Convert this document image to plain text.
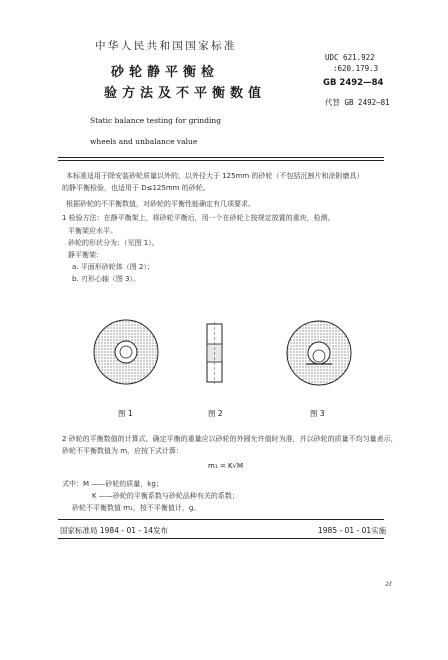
中华人民共和国国家标准
砂轮静平衡检
验方法及不平衡数值
Static balance testing for grinding
wheels and unbalance value
UDC 621.922
:620.179.3
GB 2492—84
代替 GB 2492—81
本标准适用于除安装砂轮质量以外的，以外径大于 125mm 的砂轮（不包括沉割片和涂附磨具）
的静平衡检验，也适用于 D≤125mm 的砂轮。
根据砂轮的不平衡数值，对砂轮的平衡性能确定有几项要求。
1 检验方法：在静平衡架上，将砂轮平衡后，用一个在砂轮上按规定放置的重块，检测。
平衡架应水平。
砂轮的形状分为：（见图 1）。
静平衡架：
a. 平面形砂轮体（图 2）；
b. 刃形心轴（图 3）。
图 1	图 2	图 3
2 砂轮的平衡数值的计算式，确定平衡的重量应以砂轮的外圆允许值时为准，并以砂轮的质量不均匀量表示，
砂轮不平衡数值为 m，应按下式计算：
m₁ = K√M
式中：M ——砂轮的质量，kg；
K ——砂轮的平衡系数与砂轮品种有关的系数；
砂轮不平衡数值 m₁，按不平衡值计，g。
国家标准局 1984 - 01 - 14发布	1985 - 01 - 01实施
2ℓ
